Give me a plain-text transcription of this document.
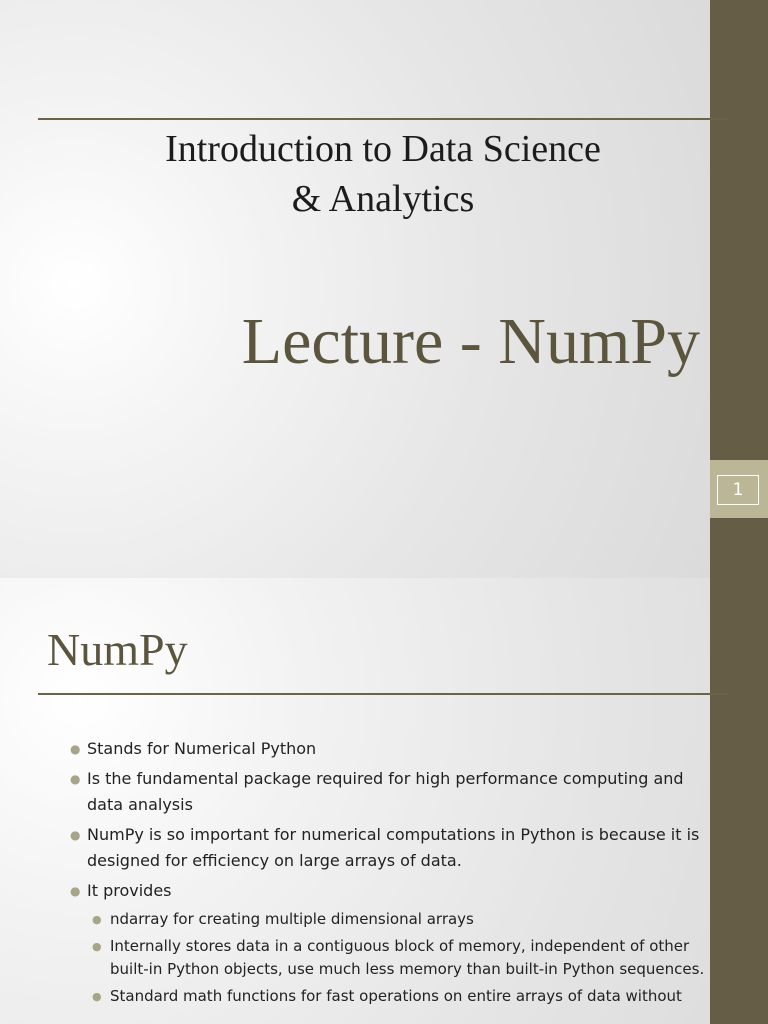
Introduction to Data Science
& Analytics
Lecture - NumPy
1
NumPy
● Stands for Numerical Python
● Is the fundamental package required for high performance computing and data analysis
● NumPy is so important for numerical computations in Python is because it is designed for efficiency on large arrays of data.
● It provides
● ndarray for creating multiple dimensional arrays
● Internally stores data in a contiguous block of memory, independent of other built-in Python objects, use much less memory than built-in Python sequences.
● Standard math functions for fast operations on entire arrays of data without
